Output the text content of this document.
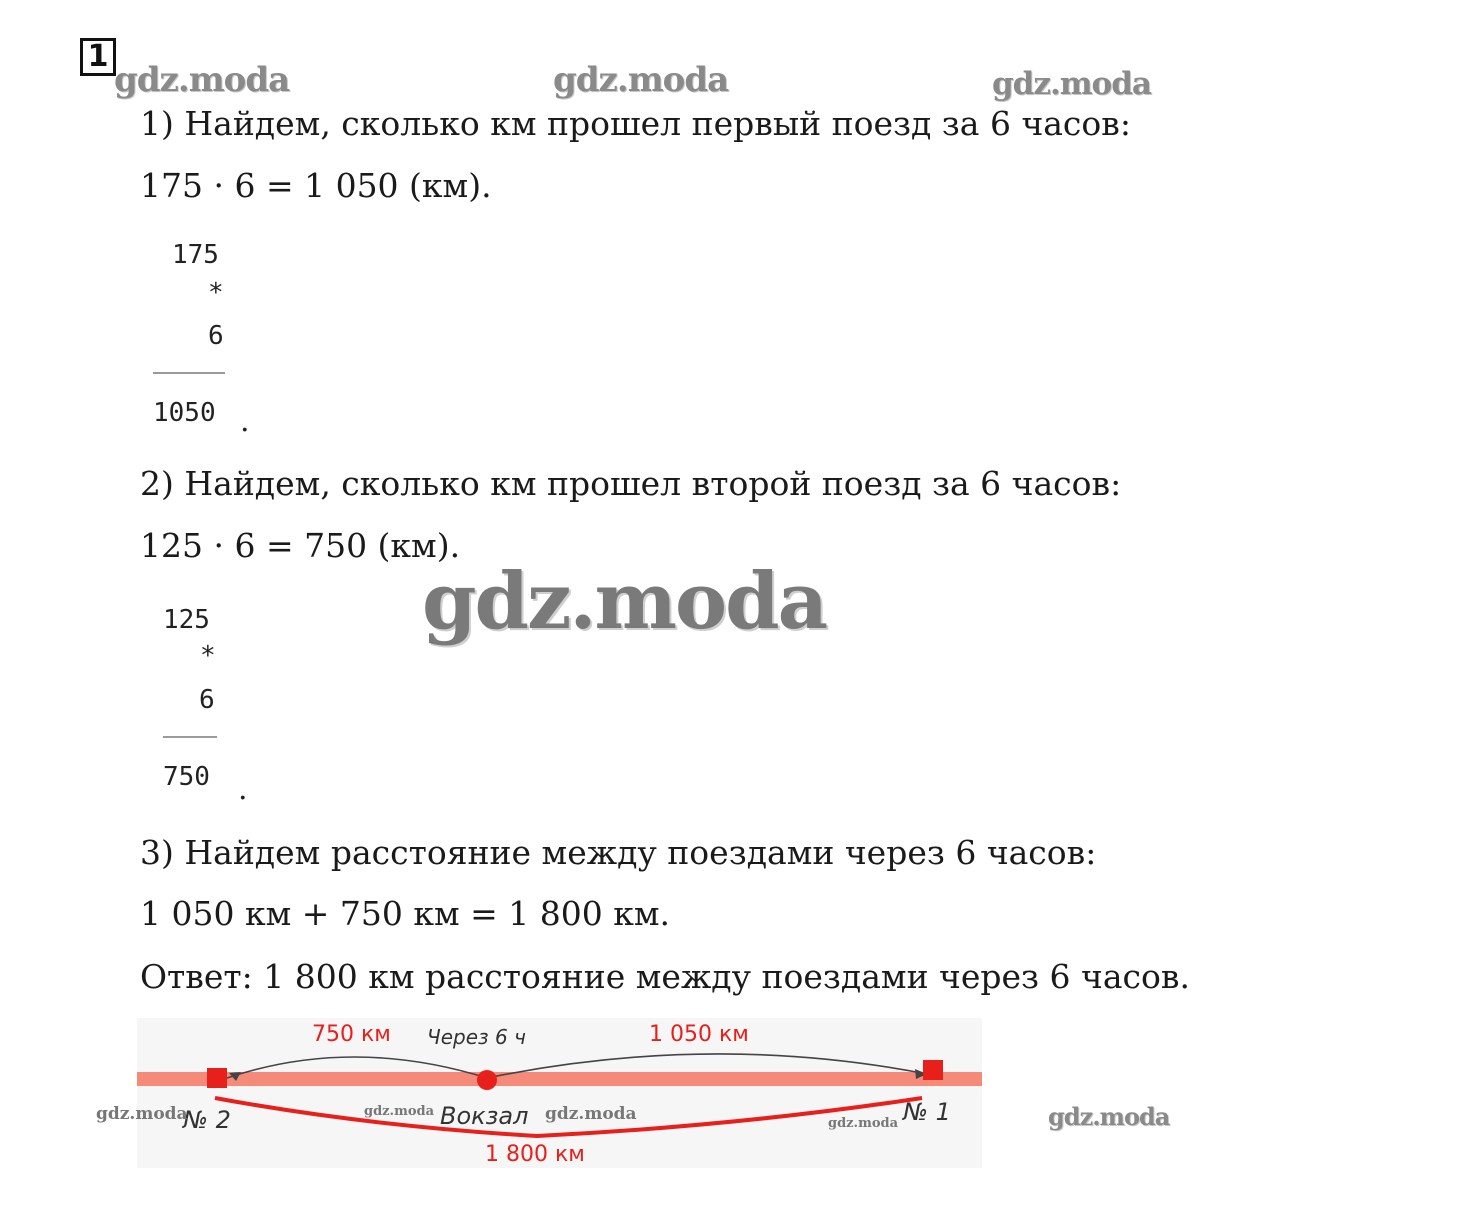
1
gdz.moda	gdz.moda	gdz.moda
1) Найдем, сколько км прошел первый поезд за 6 часов:
175 · 6 = 1 050 (км).
175
*
6
1050 .
2) Найдем, сколько км прошел второй поезд за 6 часов:
125 · 6 = 750 (км).
125
*
6
750 .
gdz.moda
3) Найдем расстояние между поездами через 6 часов:
1 050 км + 750 км = 1 800 км.
Ответ: 1 800 км расстояние между поездами через 6 часов.
750 км Через 6 ч	1 050 км
№ 2	Вокзал	№ 1
1 800 км
gdz.moda	gdz.moda	gdz.moda	gdz.moda	gdz.moda
